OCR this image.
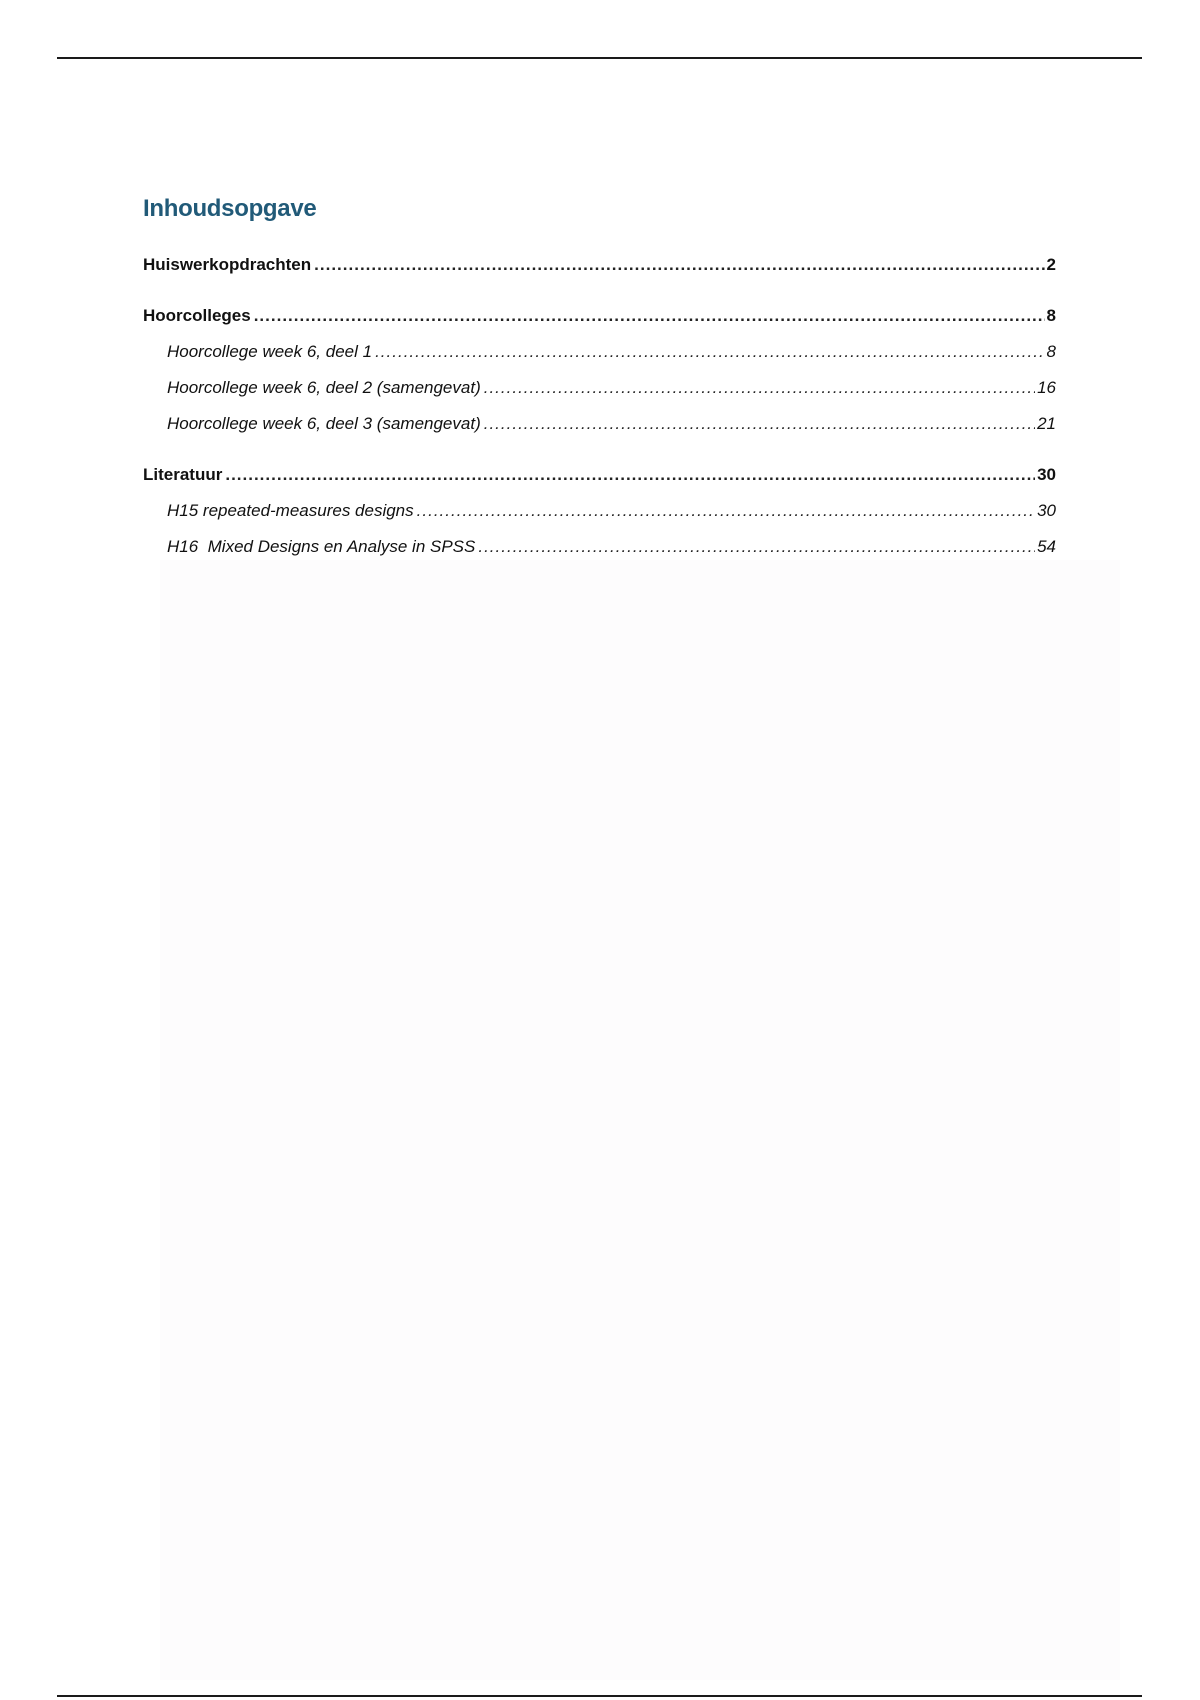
Inhoudsopgave
Huiswerkopdrachten .....	2
Hoorcolleges .....	8
Hoorcollege week 6, deel 1 .....	8
Hoorcollege week 6, deel 2 (samengevat) .....	16
Hoorcollege week 6, deel 3 (samengevat) .....	21
Literatuur .....	30
H15 repeated-measures designs .....	30
H16  Mixed Designs en Analyse in SPSS .....	54
